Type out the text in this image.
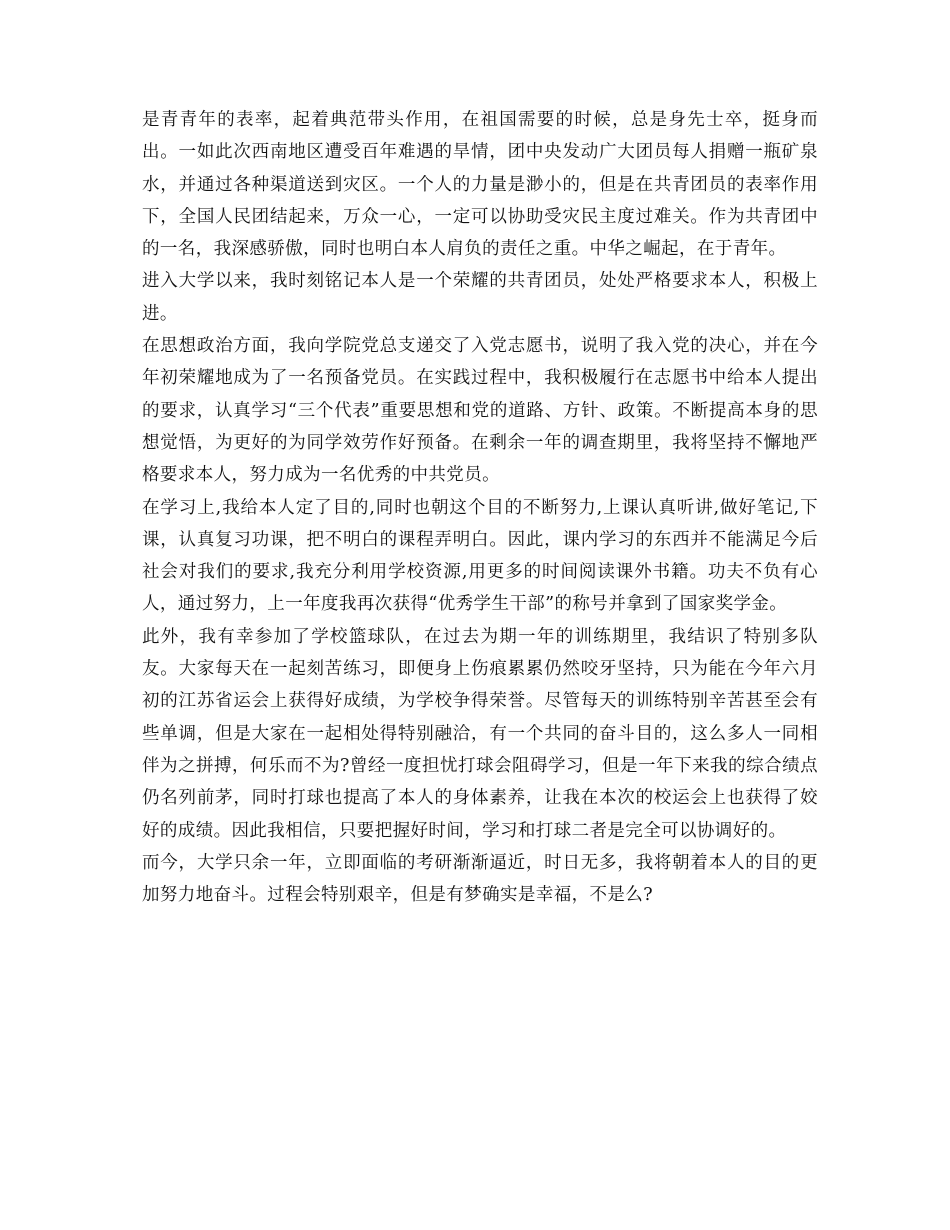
是青青年的表率，起着典范带头作用，在祖国需要的时候，总是身先士卒，挺身而出。一如此次西南地区遭受百年难遇的旱情，团中央发动广大团员每人捐赠一瓶矿泉水，并通过各种渠道送到灾区。一个人的力量是渺小的，但是在共青团员的表率作用下，全国人民团结起来，万众一心，一定可以协助受灾民主度过难关。作为共青团中的一名，我深感骄傲，同时也明白本人肩负的责任之重。中华之崛起，在于青年。

进入大学以来，我时刻铭记本人是一个荣耀的共青团员，处处严格要求本人，积极上进。

在思想政治方面，我向学院党总支递交了入党志愿书，说明了我入党的决心，并在今年初荣耀地成为了一名预备党员。在实践过程中，我积极履行在志愿书中给本人提出的要求，认真学习“三个代表”重要思想和党的道路、方针、政策。不断提高本身的思想觉悟，为更好的为同学效劳作好预备。在剩余一年的调查期里，我将坚持不懈地严格要求本人，努力成为一名优秀的中共党员。

在学习上,我给本人定了目的,同时也朝这个目的不断努力,上课认真听讲,做好笔记,下课，认真复习功课，把不明白的课程弄明白。因此，课内学习的东西并不能满足今后社会对我们的要求,我充分利用学校资源,用更多的时间阅读课外书籍。功夫不负有心人，通过努力，上一年度我再次获得“优秀学生干部”的称号并拿到了国家奖学金。

此外，我有幸参加了学校篮球队，在过去为期一年的训练期里，我结识了特别多队友。大家每天在一起刻苦练习，即便身上伤痕累累仍然咬牙坚持，只为能在今年六月初的江苏省运会上获得好成绩，为学校争得荣誉。尽管每天的训练特别辛苦甚至会有些单调，但是大家在一起相处得特别融洽，有一个共同的奋斗目的，这么多人一同相伴为之拼搏，何乐而不为?曾经一度担忧打球会阻碍学习，但是一年下来我的综合绩点仍名列前茅，同时打球也提高了本人的身体素养，让我在本次的校运会上也获得了姣好的成绩。因此我相信，只要把握好时间，学习和打球二者是完全可以协调好的。

而今，大学只余一年，立即面临的考研渐渐逼近，时日无多，我将朝着本人的目的更加努力地奋斗。过程会特别艰辛，但是有梦确实是幸福，不是么?
